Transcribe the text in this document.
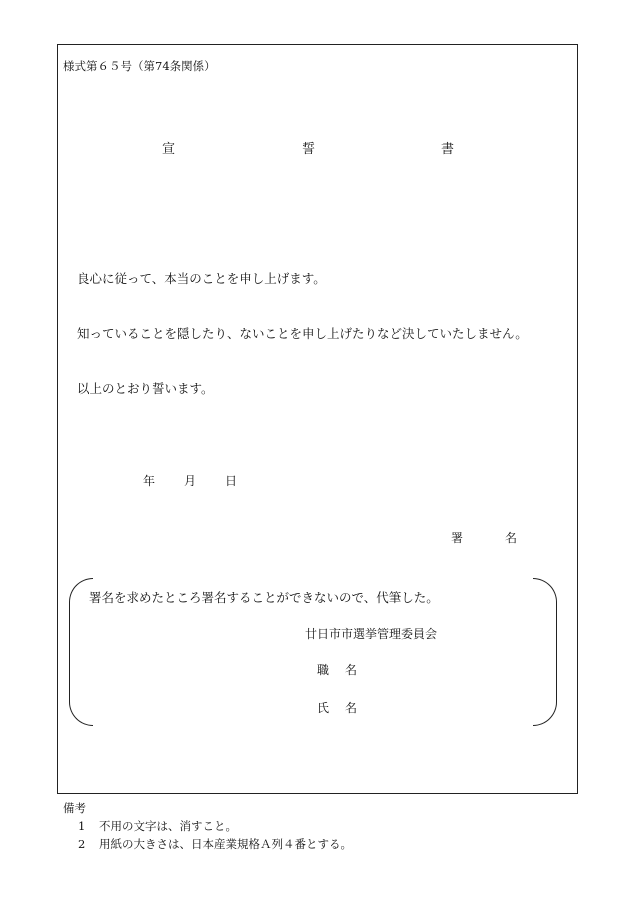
様式第６５号（第74条関係）
宣	誓	書
良心に従って、本当のことを申し上げます。
知っていることを隠したり、ないことを申し上げたりなど決していたしません。
以上のとおり誓います。
年 月 日
署	名
署名を求めたところ署名することができないので、代筆した。
廿日市市選挙管理委員会
職 名
氏 名
備考
1 不用の文字は、消すこと。
2 用紙の大きさは、日本産業規格Ａ列４番とする。
